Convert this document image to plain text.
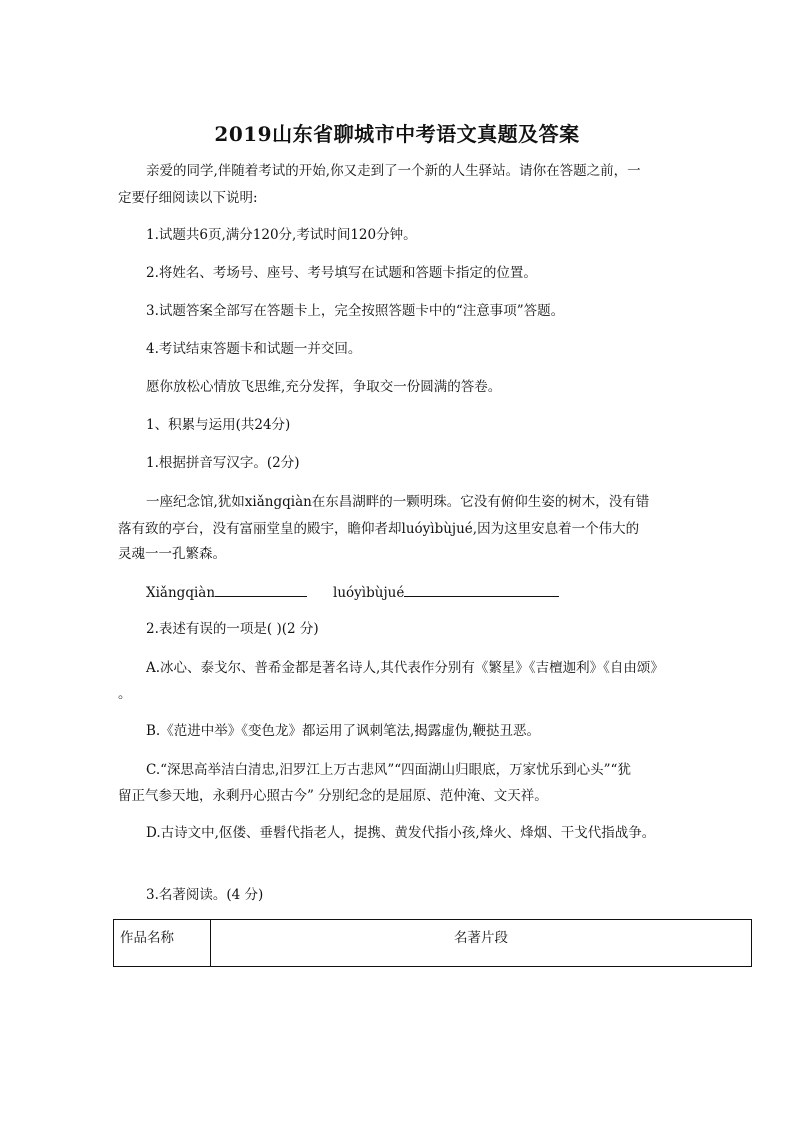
2019山东省聊城市中考语文真题及答案
亲爱的同学,伴随着考试的开始,你又走到了一个新的人生驿站。请你在答题之前，一
定要仔细阅读以下说明:
1.试题共6页,满分120分,考试时间120分钟。
2.将姓名、考场号、座号、考号填写在试题和答题卡指定的位置。
3.试题答案全部写在答题卡上，完全按照答题卡中的“注意事项”答题。
4.考试结束答题卡和试题一并交回。
愿你放松心情放飞思维,充分发挥，争取交一份圆满的答卷。
1、积累与运用(共24分)
1.根据拼音写汉字。(2分)
一座纪念馆,犹如xiǎngqiàn在东昌湖畔的一颗明珠。它没有俯仰生姿的树木，没有错
落有致的亭台，没有富丽堂皇的殿宇，瞻仰者却luóyìbùjué,因为这里安息着一个伟大的
灵魂一一孔繁森。
Xiǎngqiàn	luóyìbùjué
2.表述有误的一项是( )(2 分)
A.冰心、泰戈尔、普希金都是著名诗人,其代表作分别有《繁星》《吉檀迦利》《自由颂》
。
B.《范进中举》《变色龙》都运用了讽刺笔法,揭露虚伪,鞭挞丑恶。
C.“深思高举洁白清忠,汨罗江上万古悲风”“四面湖山归眼底，万家忧乐到心头”“犹
留正气参天地，永剩丹心照古今” 分别纪念的是屈原、范仲淹、文天祥。
D.古诗文中,伛偻、垂髫代指老人，提携、黄发代指小孩,烽火、烽烟、干戈代指战争。
3.名著阅读。(4 分)
作品名称	名著片段
